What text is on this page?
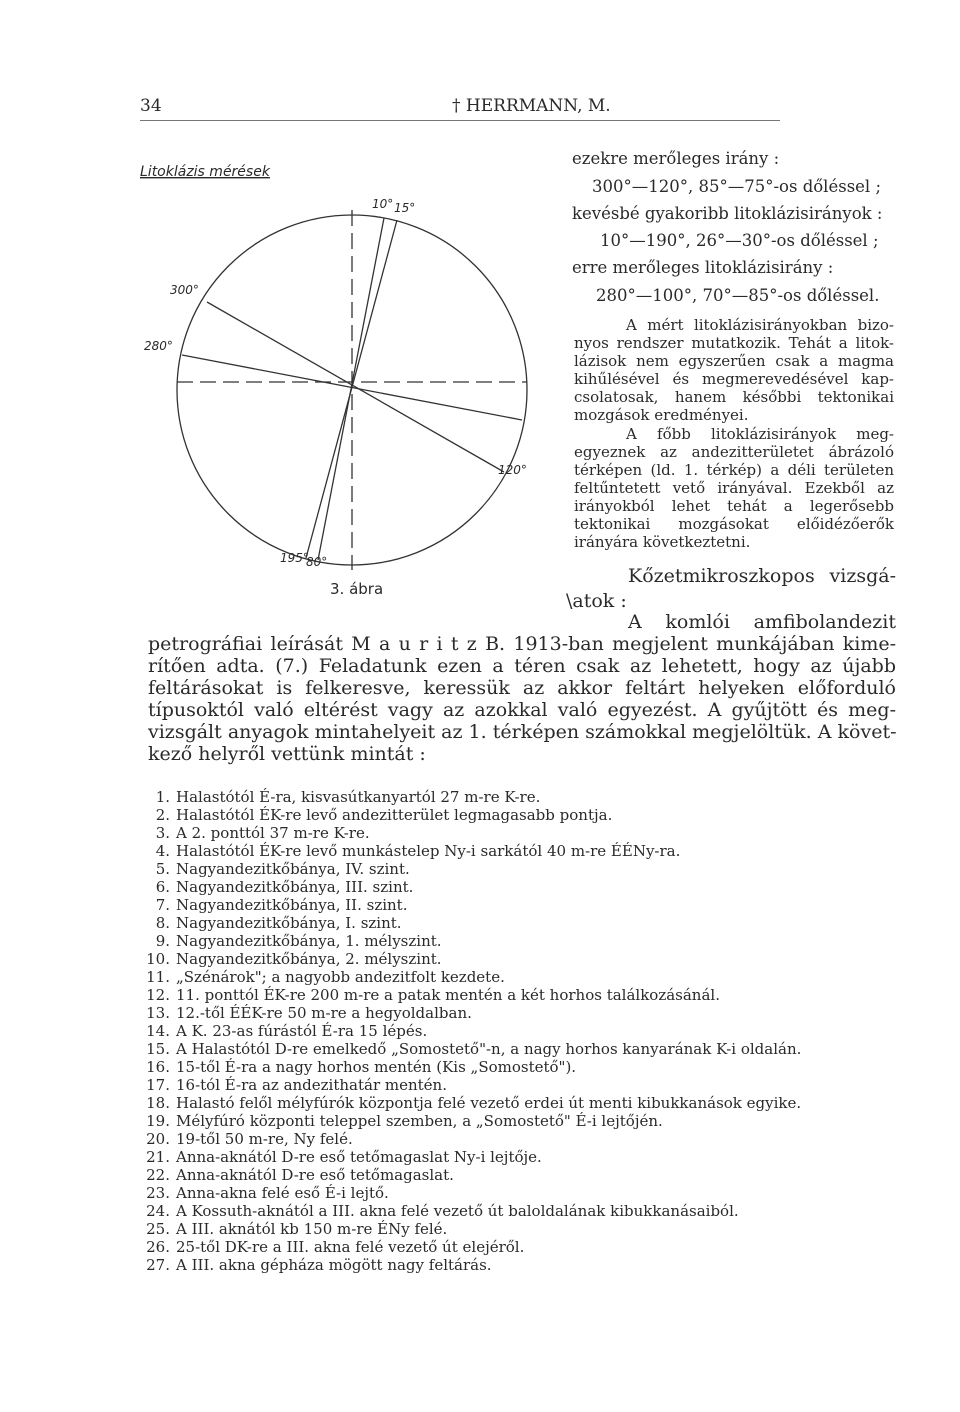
34	† HERRMANN, M.
Litoklázis mérések
300°
280°
10° 15°
120°
195°
80°
3. ábra
ezekre merőleges irány :
300°—120°, 85°—75°-os dőléssel ;
kevésbé gyakoribb litoklázisirányok :
10°—190°, 26°—30°-os dőléssel ;
erre merőleges litoklázisirány :
280°—100°, 70°—85°-os dőléssel.
A mért litoklázisirányokban bizo-
nyos rendszer mutatkozik. Tehát a litok-
lázisok nem egyszerűen csak a magma
kihűlésével és megmerevedésével kap-
csolatosak, hanem későbbi tektonikai
mozgások eredményei.
A főbb litoklázisirányok meg-
egyeznek az andezitterületet ábrázoló
térképen (ld. 1. térkép) a déli területen
feltűntetett vető irányával. Ezekből az
irányokból lehet tehát a legerősebb
tektonikai mozgásokat előidézőerők
irányára következtetni.
Kőzetmikroszkopos vizsgá-
\atok :
A komlói amfibolandezit
petrográfiai leírását M a u r i t z B. 1913-ban megjelent munkájában kime-
rítően adta. (7.) Feladatunk ezen a téren csak az lehetett, hogy az újabb
feltárásokat is felkeresve, keressük az akkor feltárt helyeken előforduló
típusoktól való eltérést vagy az azokkal való egyezést. A gyűjtött és meg-
vizsgált anyagok mintahelyeit az 1. térképen számokkal megjelöltük. A követ-
kező helyről vettünk mintát :
1. Halastótól É-ra, kisvasútkanyartól 27 m-re K-re.
2. Halastótól ÉK-re levő andezitterület legmagasabb pontja.
3. A 2. ponttól 37 m-re K-re.
4. Halastótól ÉK-re levő munkástelep Ny-i sarkától 40 m-re ÉÉNy-ra.
5. Nagyandezitkőbánya, IV. szint.
6. Nagyandezitkőbánya, III. szint.
7. Nagyandezitkőbánya, II. szint.
8. Nagyandezitkőbánya, I. szint.
9. Nagyandezitkőbánya, 1. mélyszint.
10. Nagyandezitkőbánya, 2. mélyszint.
11. „Szénárok"; a nagyobb andezitfolt kezdete.
12. 11. ponttól ÉK-re 200 m-re a patak mentén a két horhos találkozásánál.
13. 12.-től ÉÉK-re 50 m-re a hegyoldalban.
14. A K. 23-as fúrástól É-ra 15 lépés.
15. A Halastótól D-re emelkedő „Somostető"-n, a nagy horhos kanyarának K-i oldalán.
16. 15-től É-ra a nagy horhos mentén (Kis „Somostető").
17. 16-tól É-ra az andezithatár mentén.
18. Halastó felől mélyfúrók központja felé vezető erdei út menti kibukkanások egyike.
19. Mélyfúró központi teleppel szemben, a „Somostető" É-i lejtőjén.
20. 19-től 50 m-re, Ny felé.
21. Anna-aknától D-re eső tetőmagaslat Ny-i lejtője.
22. Anna-aknától D-re eső tetőmagaslat.
23. Anna-akna felé eső É-i lejtő.
24. A Kossuth-aknától a III. akna felé vezető út baloldalának kibukkanásaiból.
25. A III. aknától kb 150 m-re ÉNy felé.
26. 25-től DK-re a III. akna felé vezető út elejéről.
27. A III. akna gépháza mögött nagy feltárás.
